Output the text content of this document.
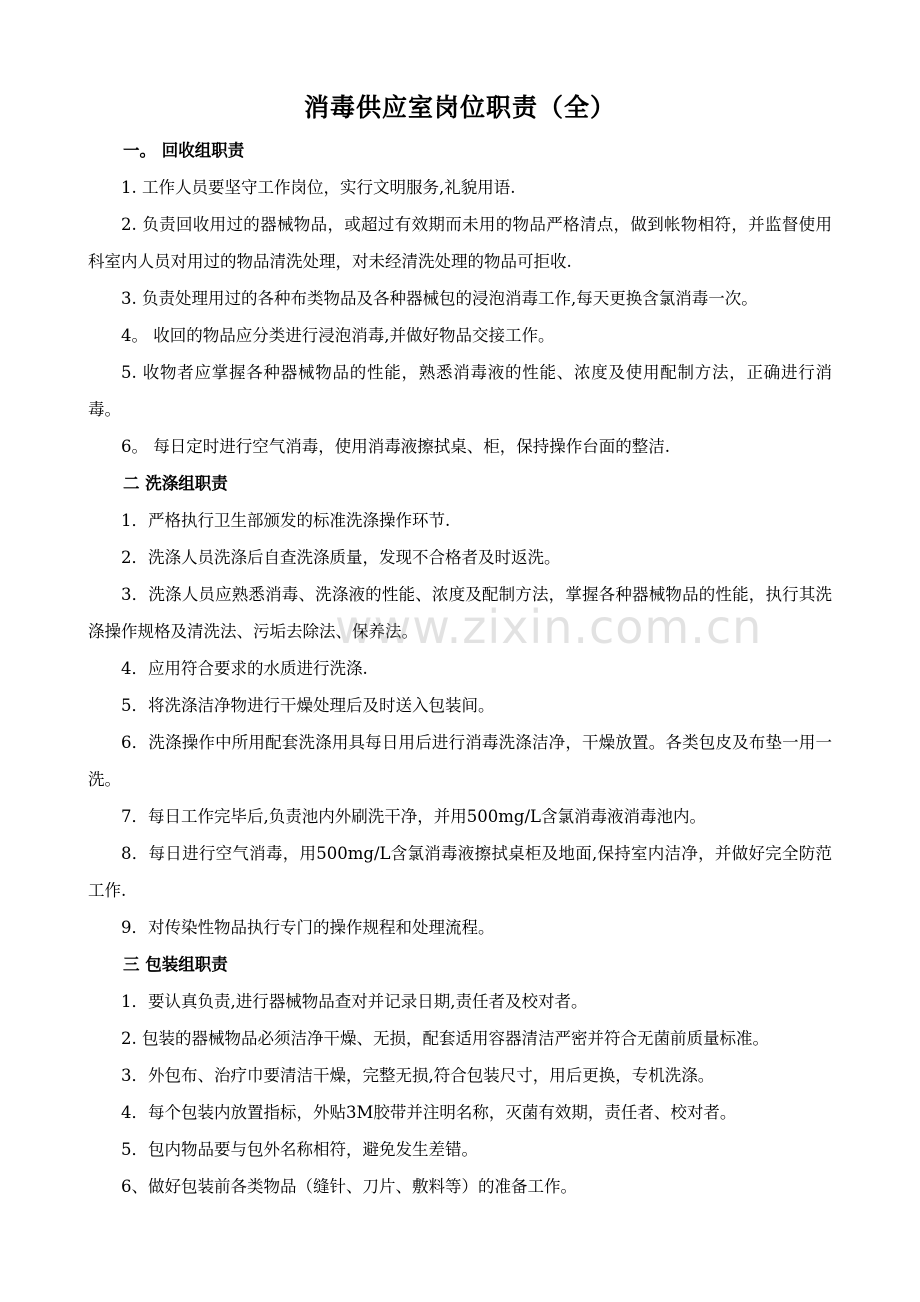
消毒供应室岗位职责（全）
一。 回收组职责

1. 工作人员要坚守工作岗位，实行文明服务,礼貌用语.

2. 负责回收用过的器械物品，或超过有效期而未用的物品严格清点，做到帐物相符，并监督使用科室内人员对用过的物品清洗处理，对未经清洗处理的物品可拒收.

3. 负责处理用过的各种布类物品及各种器械包的浸泡消毒工作,每天更换含氯消毒一次。

4。 收回的物品应分类进行浸泡消毒,并做好物品交接工作。

5. 收物者应掌握各种器械物品的性能，熟悉消毒液的性能、浓度及使用配制方法，正确进行消毒。

6。 每日定时进行空气消毒，使用消毒液擦拭桌、柜，保持操作台面的整洁.

二 洗涤组职责

1．严格执行卫生部颁发的标准洗涤操作环节.

2．洗涤人员洗涤后自查洗涤质量，发现不合格者及时返洗。

3．洗涤人员应熟悉消毒、洗涤液的性能、浓度及配制方法，掌握各种器械物品的性能，执行其洗涤操作规格及清洗法、污垢去除法、保养法。

4．应用符合要求的水质进行洗涤.

5．将洗涤洁净物进行干燥处理后及时送入包装间。

6．洗涤操作中所用配套洗涤用具每日用后进行消毒洗涤洁净，干燥放置。各类包皮及布垫一用一洗。

7．每日工作完毕后,负责池内外刷洗干净，并用500mg/L含氯消毒液消毒池内。

8．每日进行空气消毒，用500mg/L含氯消毒液擦拭桌柜及地面,保持室内洁净，并做好完全防范工作.

9．对传染性物品执行专门的操作规程和处理流程。

三 包装组职责

1．要认真负责,进行器械物品查对并记录日期,责任者及校对者。

2. 包装的器械物品必须洁净干燥、无损，配套适用容器清洁严密并符合无菌前质量标准。

3．外包布、治疗巾要清洁干燥，完整无损,符合包装尺寸，用后更换，专机洗涤。

4．每个包装内放置指标，外贴3M胶带并注明名称，灭菌有效期，责任者、校对者。

5．包内物品要与包外名称相符，避免发生差错。

6、做好包装前各类物品（缝针、刀片、敷料等）的准备工作。

www.zixin.com.cn
